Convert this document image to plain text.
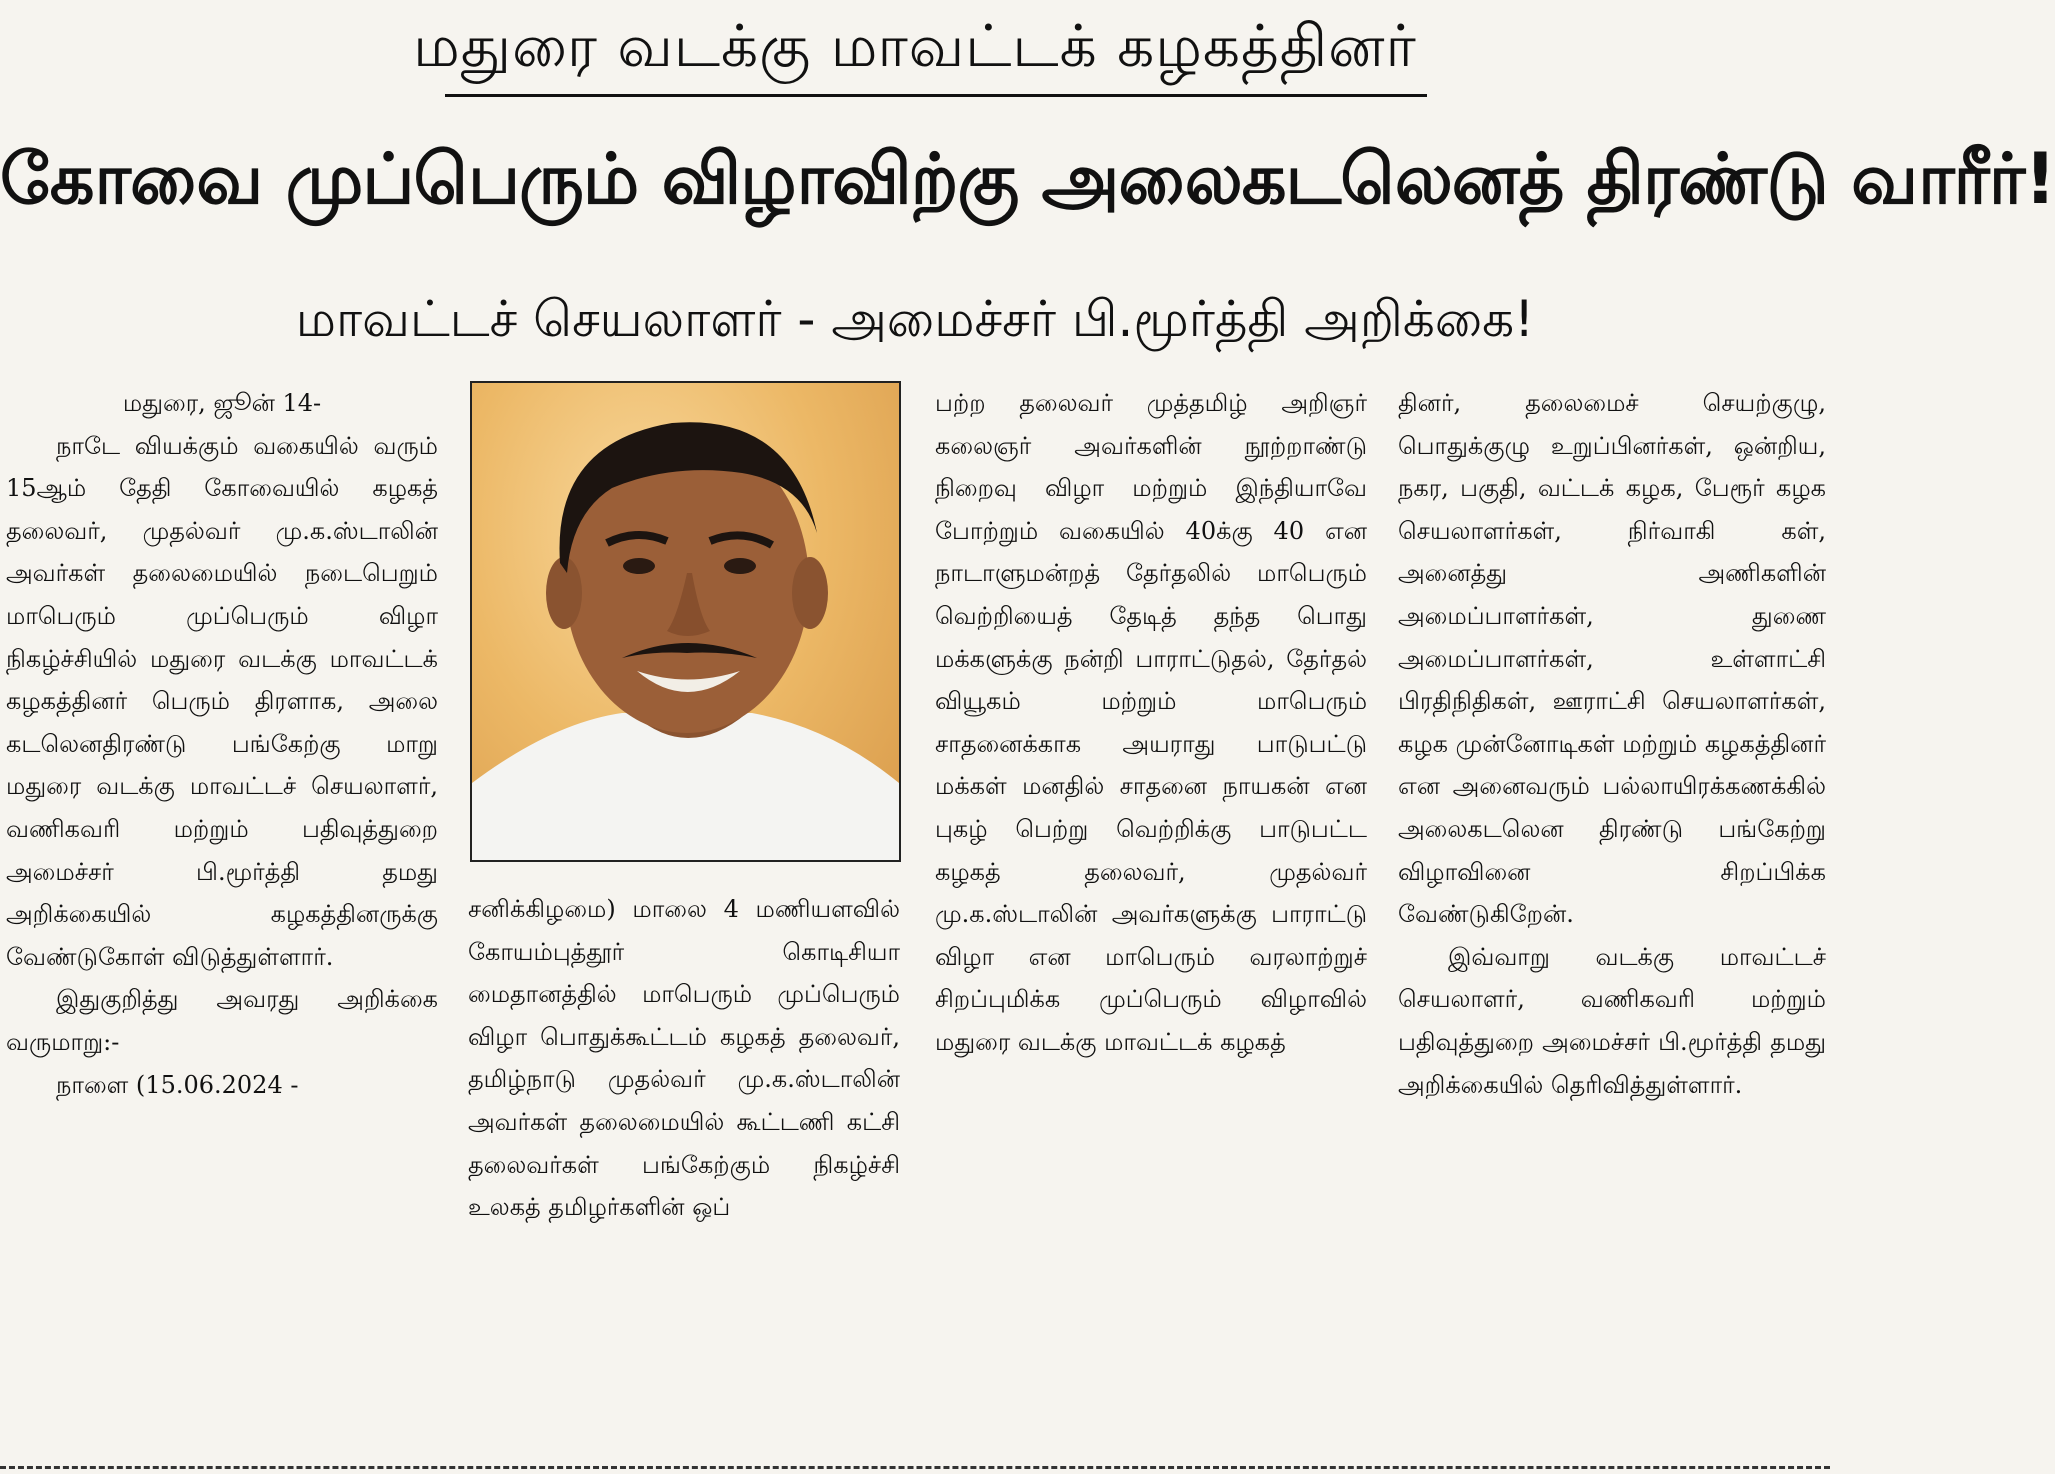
மதுரை வடக்கு மாவட்டக் கழகத்தினர்
கோவை முப்பெரும் விழாவிற்கு அலைகடலெனத் திரண்டு வாரீர்!
மாவட்டச் செயலாளர் - அமைச்சர் பி.மூர்த்தி அறிக்கை!

மதுரை, ஜூன் 14-

நாடே வியக்கும் வகையில் வரும் 15ஆம் தேதி கோவையில் கழகத் தலைவர், முதல்வர் மு.க.ஸ்டாலின் அவர்கள் தலைமையில் நடைபெறும் மாபெரும் முப்பெரும் விழா நிகழ்ச்சியில் மதுரை வடக்கு மாவட்டக் கழகத்தினர் பெரும் திரளாக, அலை கடலெனதிரண்டு பங்கேற்கு மாறு மதுரை வடக்கு மாவட்டச் செயலாளர், வணிகவரி மற்றும் பதிவுத்துறை அமைச்சர் பி.மூர்த்தி தமது அறிக்கையில் கழகத்தினருக்கு வேண்டுகோள் விடுத்துள்ளார்.

இதுகுறித்து அவரது அறிக்கை வருமாறு:-

நாளை (15.06.2024 -

சனிக்கிழமை) மாலை 4 மணியளவில் கோயம்புத்தூர் கொடிசியா மைதானத்தில் மாபெரும் முப்பெரும் விழா பொதுக்கூட்டம் கழகத் தலைவர், தமிழ்நாடு முதல்வர் மு.க.ஸ்டாலின் அவர்கள் தலைமையில் கூட்டணி கட்சி தலைவர்கள் பங்கேற்கும் நிகழ்ச்சி உலகத் தமிழர்களின் ஒப்

பற்ற தலைவர் முத்தமிழ் அறிஞர் கலைஞர் அவர்களின் நூற்றாண்டு நிறைவு விழா மற்றும் இந்தியாவே போற்றும் வகையில் 40க்கு 40 என நாடாளுமன்றத் தேர்தலில் மாபெரும் வெற்றியைத் தேடித் தந்த பொது மக்களுக்கு நன்றி பாராட்டுதல், தேர்தல் வியூகம் மற்றும் மாபெரும் சாதனைக்காக அயராது பாடுபட்டு மக்கள் மனதில் சாதனை நாயகன் என புகழ் பெற்று வெற்றிக்கு பாடுபட்ட கழகத் தலைவர், முதல்வர் மு.க.ஸ்டாலின் அவர்களுக்கு பாராட்டு விழா என மாபெரும் வரலாற்றுச் சிறப்புமிக்க முப்பெரும் விழாவில் மதுரை வடக்கு மாவட்டக் கழகத்

தினர், தலைமைச் செயற்குழு, பொதுக்குழு உறுப்பினர்கள், ஒன்றிய, நகர, பகுதி, வட்டக் கழக, பேரூர் கழக செயலாளர்கள், நிர்வாகி கள், அனைத்து அணிகளின் அமைப்பாளர்கள், துணை அமைப்பாளர்கள், உள்ளாட்சி பிரதிநிதிகள், ஊராட்சி செயலாளர்கள், கழக முன்னோடிகள் மற்றும் கழகத்தினர் என அனைவரும் பல்லாயிரக்கணக்கில் அலைகடலென திரண்டு பங்கேற்று விழாவினை சிறப்பிக்க வேண்டுகிறேன்.

இவ்வாறு வடக்கு மாவட்டச் செயலாளர், வணிகவரி மற்றும் பதிவுத்துறை அமைச்சர் பி.மூர்த்தி தமது அறிக்கையில் தெரிவித்துள்ளார்.
